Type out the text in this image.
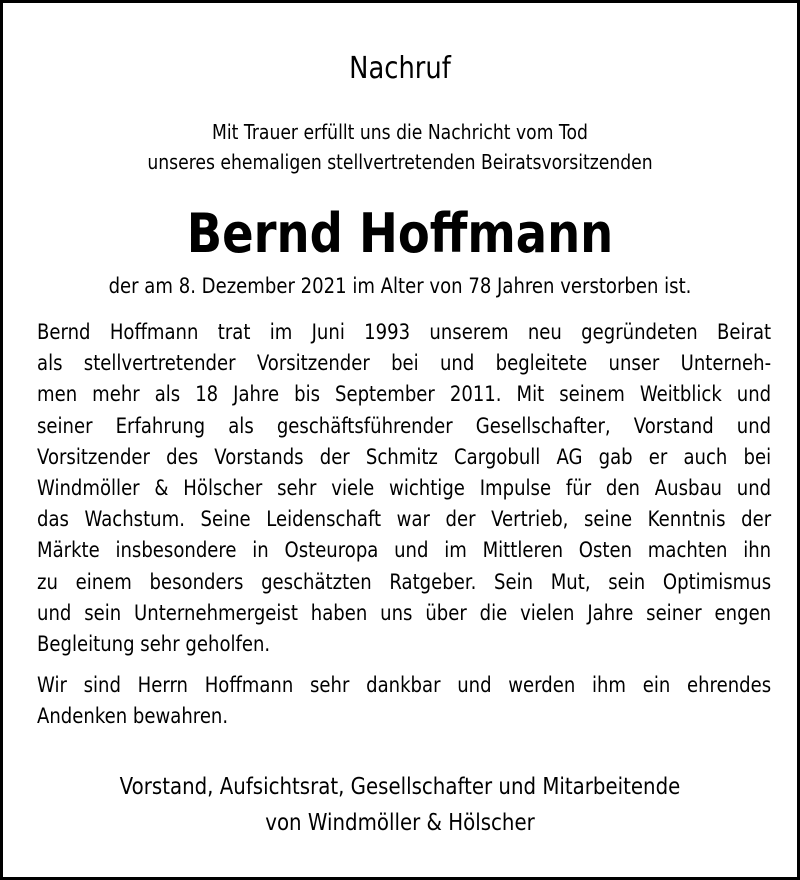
Nachruf
Mit Trauer erfüllt uns die Nachricht vom Tod
unseres ehemaligen stellvertretenden Beiratsvorsitzenden
Bernd Hoffmann
der am 8. Dezember 2021 im Alter von 78 Jahren verstorben ist.
Bernd Hoffmann trat im Juni 1993 unserem neu gegründeten Beirat
als stellvertretender Vorsitzender bei und begleitete unser Unterneh-
men mehr als 18 Jahre bis September 2011. Mit seinem Weitblick und
seiner Erfahrung als geschäftsführender Gesellschafter, Vorstand und
Vorsitzender des Vorstands der Schmitz Cargobull AG gab er auch bei
Windmöller & Hölscher sehr viele wichtige Impulse für den Ausbau und
das Wachstum. Seine Leidenschaft war der Vertrieb, seine Kenntnis der
Märkte insbesondere in Osteuropa und im Mittleren Osten machten ihn
zu einem besonders geschätzten Ratgeber. Sein Mut, sein Optimismus
und sein Unternehmergeist haben uns über die vielen Jahre seiner engen
Begleitung sehr geholfen.
Wir sind Herrn Hoffmann sehr dankbar und werden ihm ein ehrendes
Andenken bewahren.
Vorstand, Aufsichtsrat, Gesellschafter und Mitarbeitende
von Windmöller & Hölscher
